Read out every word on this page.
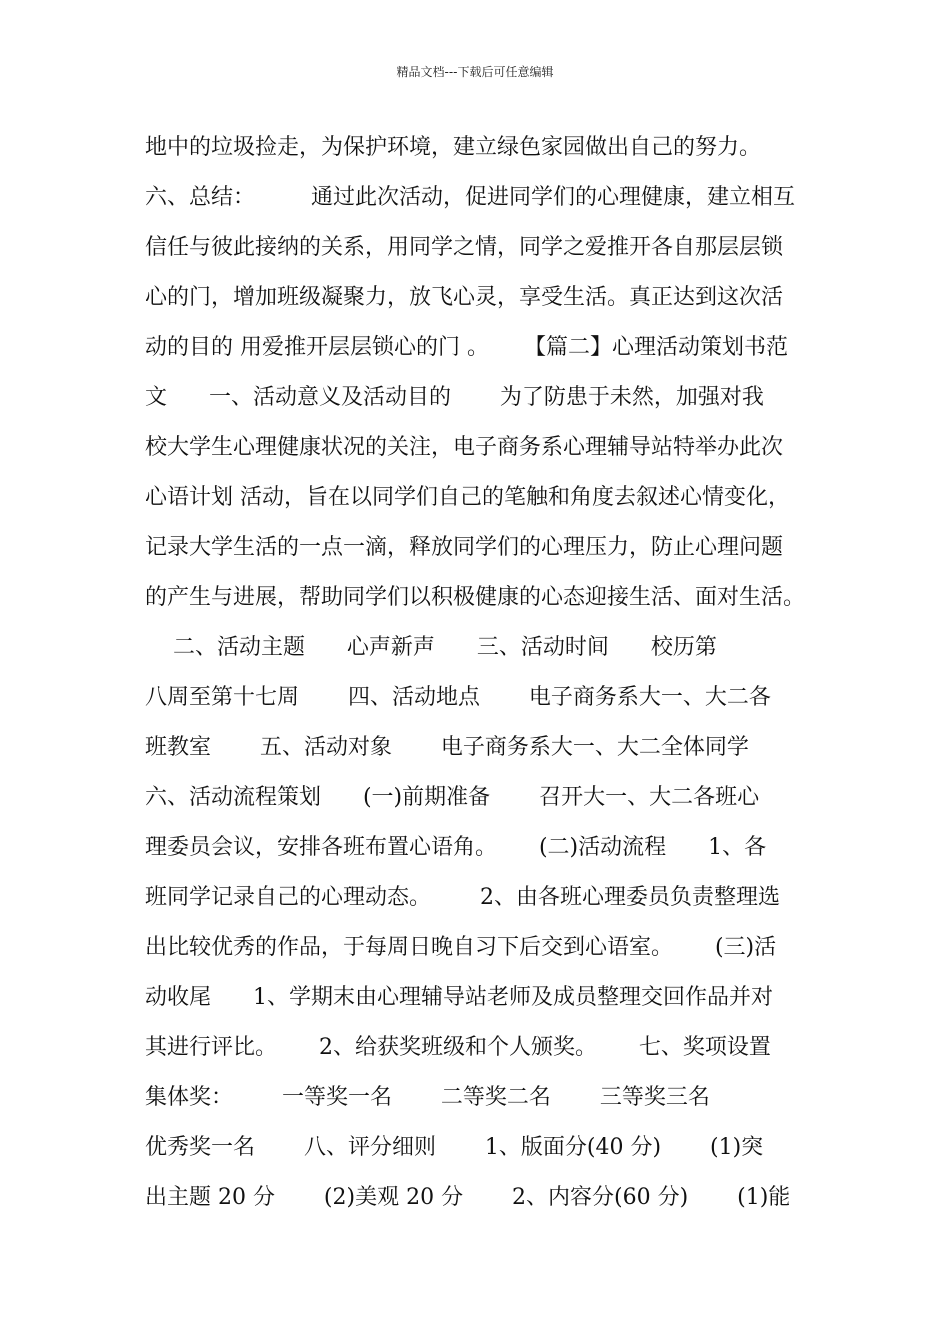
精品文档---下载后可任意编辑
地中的垃圾捡走，为保护环境，建立绿色家园做出自己的努力。
六、总结：        通过此次活动，促进同学们的心理健康，建立相互
信任与彼此接纳的关系，用同学之情，同学之爱推开各自那层层锁
心的门，增加班级凝聚力，放飞心灵，享受生活。真正达到这次活
动的目的 用爱推开层层锁心的门 。     【篇二】心理活动策划书范
文      一、活动意义及活动目的       为了防患于未然，加强对我
校大学生心理健康状况的关注，电子商务系心理辅导站特举办此次
心语计划 活动，旨在以同学们自己的笔触和角度去叙述心情变化，
记录大学生活的一点一滴，释放同学们的心理压力，防止心理问题
的产生与进展，帮助同学们以积极健康的心态迎接生活、面对生活。
二、活动主题      心声新声      三、活动时间      校历第
八周至第十七周       四、活动地点       电子商务系大一、大二各
班教室       五、活动对象       电子商务系大一、大二全体同学
六、活动流程策划      (一)前期准备       召开大一、大二各班心
理委员会议，安排各班布置心语角。      (二)活动流程      1、各
班同学记录自己的心理动态。       2、由各班心理委员负责整理选
出比较优秀的作品，于每周日晚自习下后交到心语室。      (三)活
动收尾      1、学期末由心理辅导站老师及成员整理交回作品并对
其进行评比。      2、给获奖班级和个人颁奖。      七、奖项设置
集体奖：       一等奖一名       二等奖二名       三等奖三名
优秀奖一名       八、评分细则       1、版面分(40 分)       (1)突
出主题 20 分       (2)美观 20 分       2、内容分(60 分)       (1)能
